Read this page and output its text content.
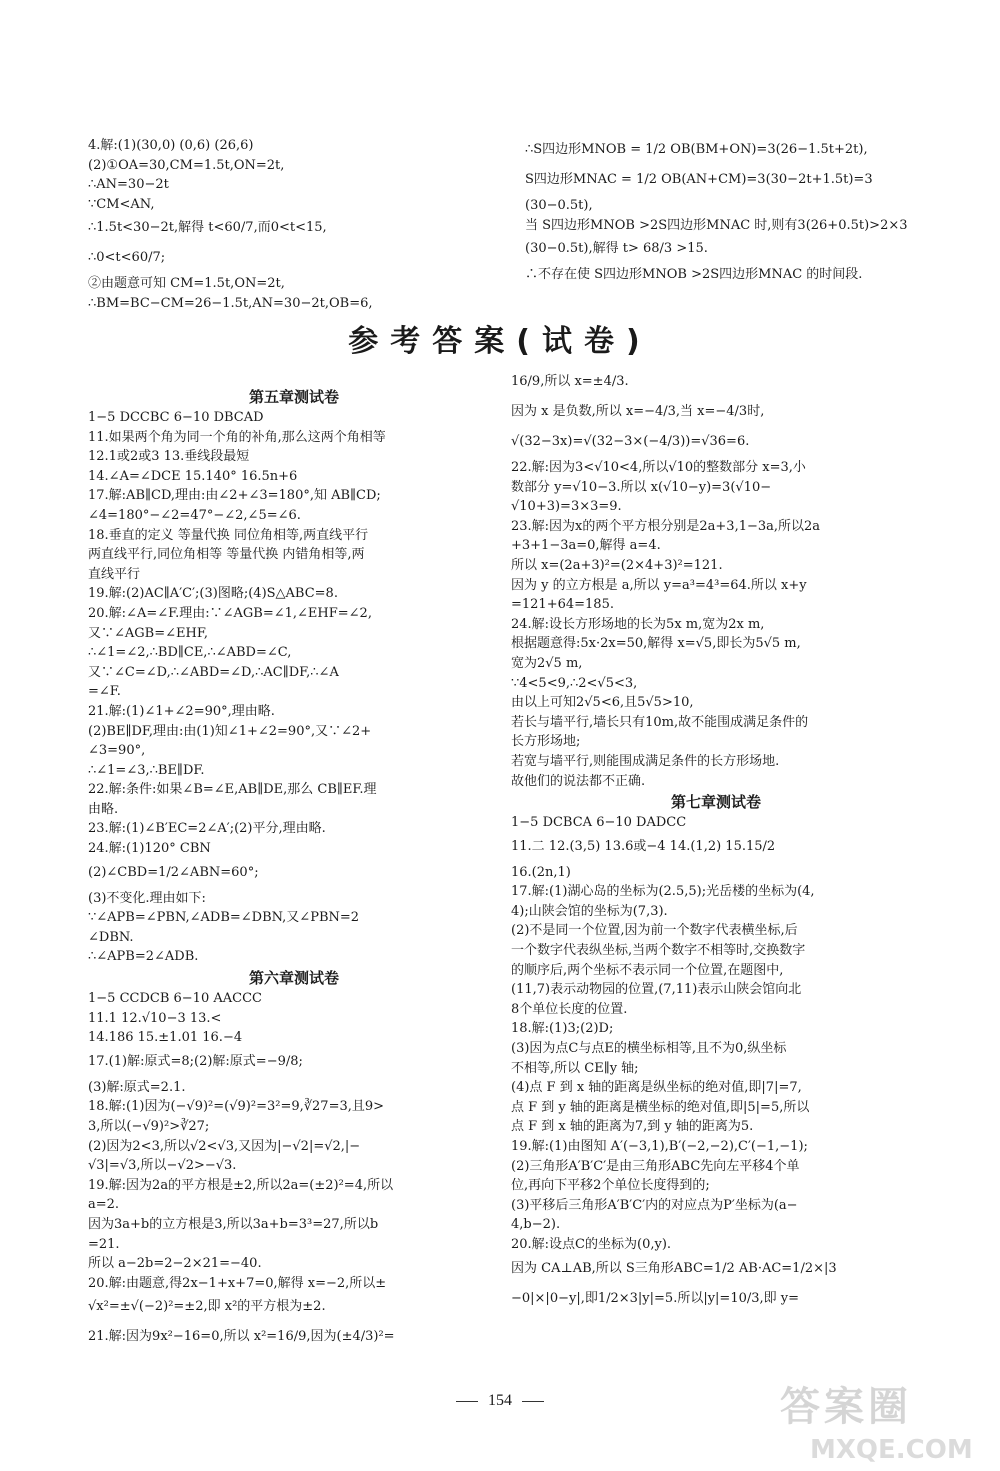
4.解:(1)(30,0) (0,6) (26,6)
(2)①OA=30,CM=1.5t,ON=2t,
∴AN=30−2t
∵CM<AN,
∴1.5t<30−2t,解得 t<60/7,而0<t<15,
∴0<t<60/7;
②由题意可知 CM=1.5t,ON=2t,
∴BM=BC−CM=26−1.5t,AN=30−2t,OB=6,
∴S四边形MNOB = 1/2 OB(BM+ON)=3(26−1.5t+2t),
S四边形MNAC = 1/2 OB(AN+CM)=3(30−2t+1.5t)=3
(30−0.5t),
当 S四边形MNOB >2S四边形MNAC 时,则有3(26+0.5t)>2×3
(30−0.5t),解得 t> 68/3 >15.
∴不存在使 S四边形MNOB >2S四边形MNAC 的时间段.
参考答案(试卷)
第五章测试卷
1−5 DCCBC 6−10 DBCAD
11.如果两个角为同一个角的补角,那么这两个角相等
12.1或2或3 13.垂线段最短
14.∠A=∠DCE 15.140° 16.5n+6
17.解:AB∥CD,理由:由∠2+∠3=180°,知 AB∥CD;
∠4=180°−∠2=47°−∠2,∠5=∠6.
18.垂直的定义 等量代换 同位角相等,两直线平行
两直线平行,同位角相等 等量代换 内错角相等,两
直线平行
19.解:(2)AC∥A′C′;(3)图略;(4)S△ABC=8.
20.解:∠A=∠F.理由:∵∠AGB=∠1,∠EHF=∠2,
又∵∠AGB=∠EHF,
∴∠1=∠2,∴BD∥CE,∴∠ABD=∠C,
又∵∠C=∠D,∴∠ABD=∠D,∴AC∥DF,∴∠A
=∠F.
21.解:(1)∠1+∠2=90°,理由略.
(2)BE∥DF,理由:由(1)知∠1+∠2=90°,又∵∠2+
∠3=90°,
∴∠1=∠3,∴BE∥DF.
22.解:条件:如果∠B=∠E,AB∥DE,那么 CB∥EF.理
由略.
23.解:(1)∠B′EC=2∠A′;(2)平分,理由略.
24.解:(1)120° CBN
(2)∠CBD=1/2∠ABN=60°;
(3)不变化.理由如下:
∵∠APB=∠PBN,∠ADB=∠DBN,又∠PBN=2
∠DBN.
∴∠APB=2∠ADB.
第六章测试卷
1−5 CCDCB 6−10 AACCC
11.1 12.√10−3 13.<
14.186 15.±1.01 16.−4
17.(1)解:原式=8;(2)解:原式=−9/8;
(3)解:原式=2.1.
18.解:(1)因为(−√9)²=(√9)²=3²=9,∛27=3,且9>
3,所以(−√9)²>∛27;
(2)因为2<3,所以√2<√3,又因为|−√2|=√2,|−
√3|=√3,所以−√2>−√3.
19.解:因为2a的平方根是±2,所以2a=(±2)²=4,所以
a=2.
因为3a+b的立方根是3,所以3a+b=3³=27,所以b
=21.
所以 a−2b=2−2×21=−40.
20.解:由题意,得2x−1+x+7=0,解得 x=−2,所以±
√x²=±√(−2)²=±2,即 x²的平方根为±2.
21.解:因为9x²−16=0,所以 x²=16/9,因为(±4/3)²=
16/9,所以 x=±4/3.
因为 x 是负数,所以 x=−4/3,当 x=−4/3时,
√(32−3x)=√(32−3×(−4/3))=√36=6.
22.解:因为3<√10<4,所以√10的整数部分 x=3,小
数部分 y=√10−3.所以 x(√10−y)=3(√10−
√10+3)=3×3=9.
23.解:因为x的两个平方根分别是2a+3,1−3a,所以2a
+3+1−3a=0,解得 a=4.
所以 x=(2a+3)²=(2×4+3)²=121.
因为 y 的立方根是 a,所以 y=a³=4³=64.所以 x+y
=121+64=185.
24.解:设长方形场地的长为5x m,宽为2x m,
根据题意得:5x·2x=50,解得 x=√5,即长为5√5 m,
宽为2√5 m,
∵4<5<9,∴2<√5<3,
由以上可知2√5<6,且5√5>10,
若长与墙平行,墙长只有10m,故不能围成满足条件的
长方形场地;
若宽与墙平行,则能围成满足条件的长方形场地.
故他们的说法都不正确.
第七章测试卷
1−5 DCBCA 6−10 DADCC
11.二 12.(3,5) 13.6或−4 14.(1,2) 15.15/2
16.(2n,1)
17.解:(1)湖心岛的坐标为(2.5,5);光岳楼的坐标为(4,
4);山陕会馆的坐标为(7,3).
(2)不是同一个位置,因为前一个数字代表横坐标,后
一个数字代表纵坐标,当两个数字不相等时,交换数字
的顺序后,两个坐标不表示同一个位置,在题图中,
(11,7)表示动物园的位置,(7,11)表示山陕会馆向北
8个单位长度的位置.
18.解:(1)3;(2)D;
(3)因为点C与点E的横坐标相等,且不为0,纵坐标
不相等,所以 CE∥y 轴;
(4)点 F 到 x 轴的距离是纵坐标的绝对值,即|7|=7,
点 F 到 y 轴的距离是横坐标的绝对值,即|5|=5,所以
点 F 到 x 轴的距离为7,到 y 轴的距离为5.
19.解:(1)由图知 A′(−3,1),B′(−2,−2),C′(−1,−1);
(2)三角形A′B′C′是由三角形ABC先向左平移4个单
位,再向下平移2个单位长度得到的;
(3)平移后三角形A′B′C′内的对应点为P′坐标为(a−
4,b−2).
20.解:设点C的坐标为(0,y).
因为 CA⊥AB,所以 S三角形ABC=1/2 AB·AC=1/2×|3
−0|×|0−y|,即1/2×3|y|=5.所以|y|=10/3,即 y=
154	答案圈
MXQE.COM
